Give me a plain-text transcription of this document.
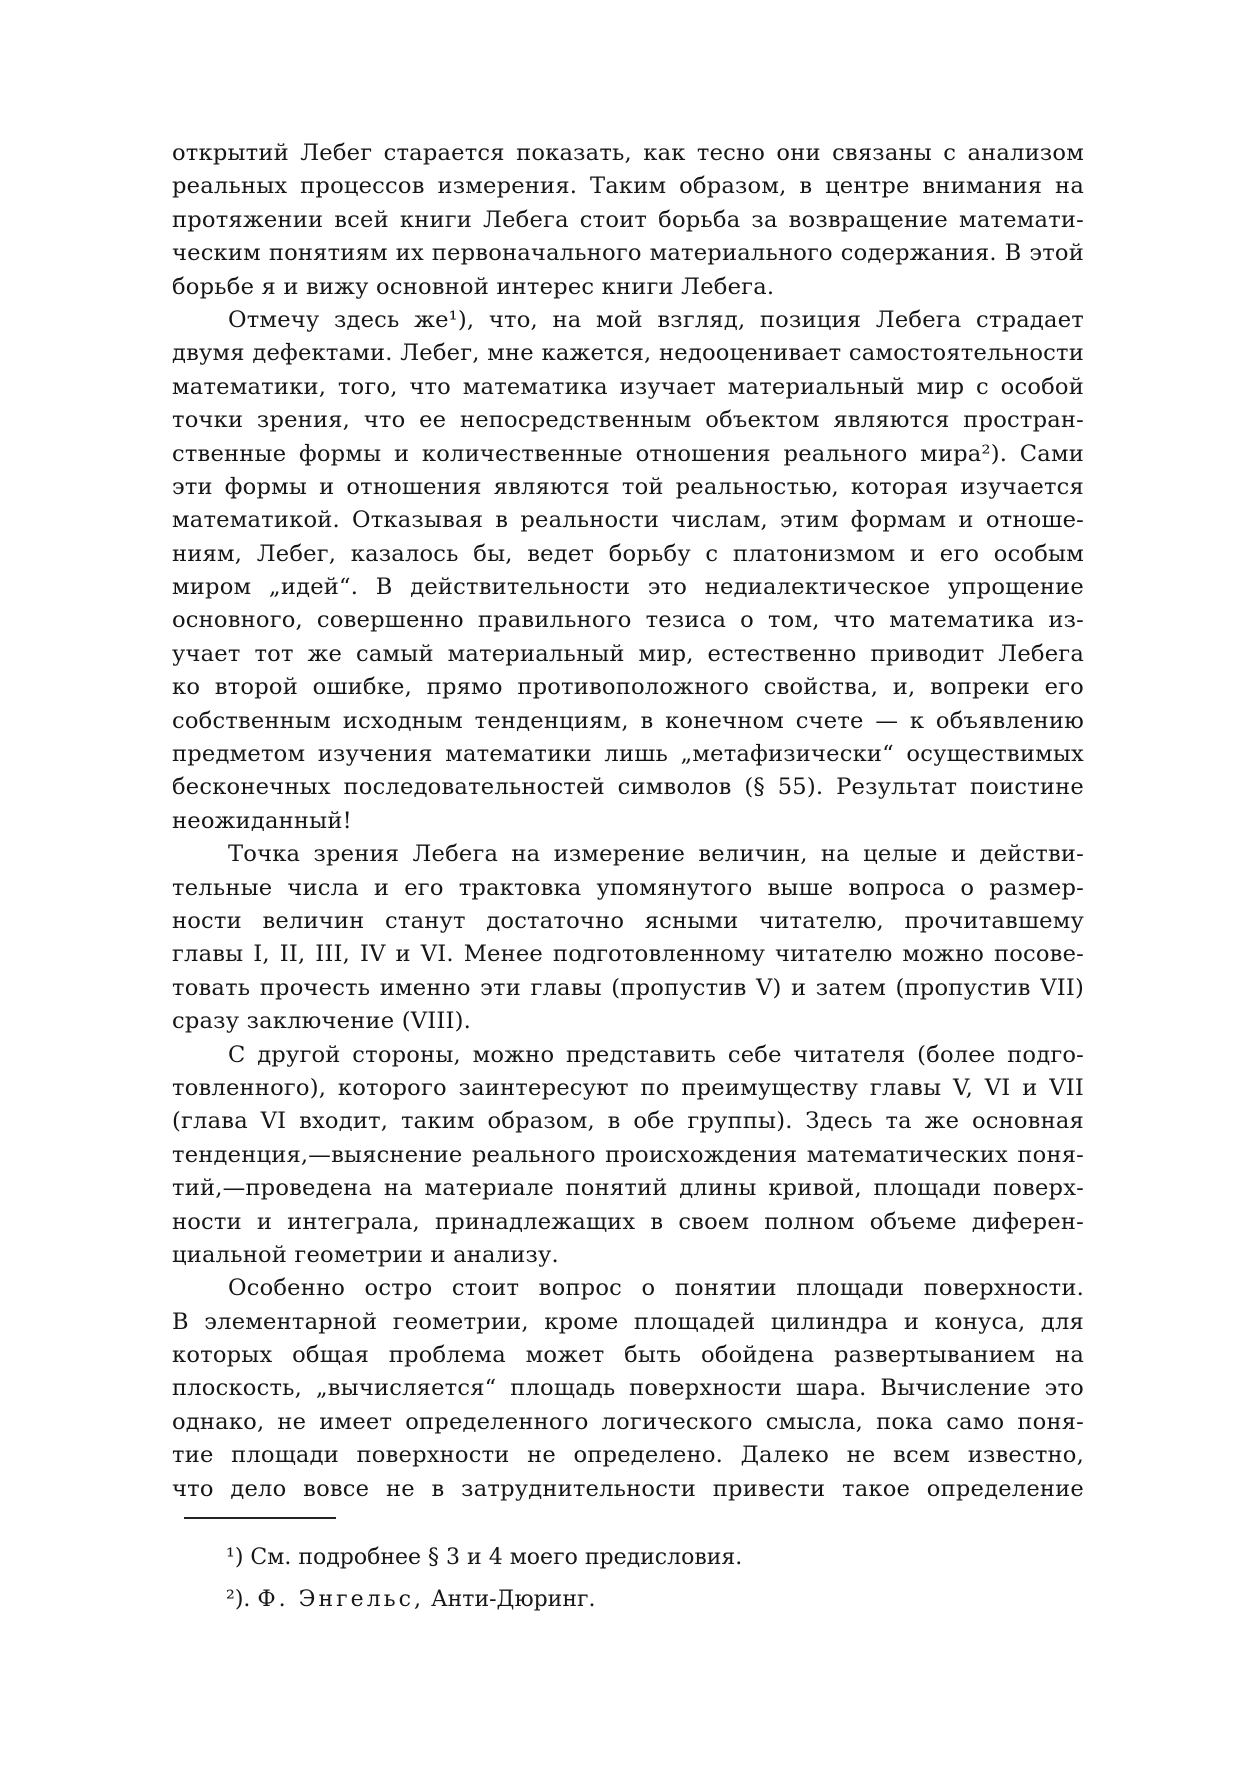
открытий Лебег старается показать, как тесно они связаны с анализом
реальных процессов измерения. Таким образом, в центре внимания на
протяжении всей книги Лебега стоит борьба за возвращение математи-
ческим понятиям их первоначального материального содержания. В этой
борьбе я и вижу основной интерес книги Лебега.
Отмечу здесь же¹), что, на мой взгляд, позиция Лебега страдает
двумя дефектами. Лебег, мне кажется, недооценивает самостоятельности
математики, того, что математика изучает материальный мир с особой
точки зрения, что ее непосредственным объектом являются простран-
ственные формы и количественные отношения реального мира²). Сами
эти формы и отношения являются той реальностью, которая изучается
математикой. Отказывая в реальности числам, этим формам и отноше-
ниям, Лебег, казалось бы, ведет борьбу с платонизмом и его особым
миром „идей“. В действительности это недиалектическое упрощение
основного, совершенно правильного тезиса о том, что математика из-
учает тот же самый материальный мир, естественно приводит Лебега
ко второй ошибке, прямо противоположного свойства, и, вопреки его
собственным исходным тенденциям, в конечном счете — к объявлению
предметом изучения математики лишь „метафизически“ осуществимых
бесконечных последовательностей символов (§ 55). Результат поистине
неожиданный!
Точка зрения Лебега на измерение величин, на целые и действи-
тельные числа и его трактовка упомянутого выше вопроса о размер-
ности величин станут достаточно ясными читателю, прочитавшему
главы I, II, III, IV и VI. Менее подготовленному читателю можно посове-
товать прочесть именно эти главы (пропустив V) и затем (пропустив VII)
сразу заключение (VIII).
С другой стороны, можно представить себе читателя (более подго-
товленного), которого заинтересуют по преимуществу главы V, VI и VII
(глава VI входит, таким образом, в обе группы). Здесь та же основная
тенденция,—выяснение реального происхождения математических поня-
тий,—проведена на материале понятий длины кривой, площади поверх-
ности и интеграла, принадлежащих в своем полном объеме диферен-
циальной геометрии и анализу.
Особенно остро стоит вопрос о понятии площади поверхности.
В элементарной геометрии, кроме площадей цилиндра и конуса, для
которых общая проблема может быть обойдена развертыванием на
плоскость, „вычисляется“ площадь поверхности шара. Вычисление это
однако, не имеет определенного логического смысла, пока само поня-
тие площади поверхности не определено. Далеко не всем известно,
что дело вовсе не в затруднительности привести такое определение
¹) См. подробнее § 3 и 4 моего предисловия.
²). Ф. Энгельс, Анти-Дюринг.
